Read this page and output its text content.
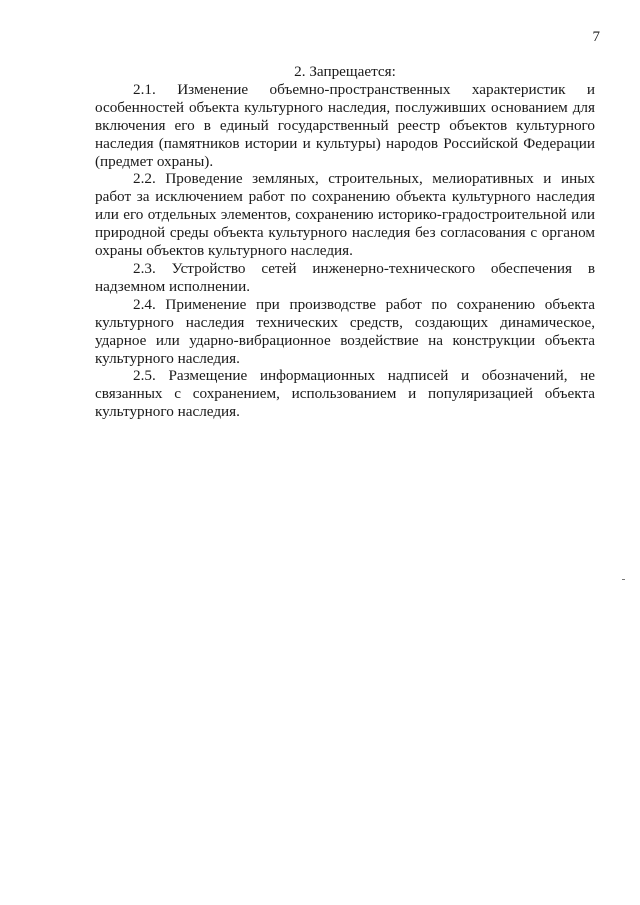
7

2. Запрещается:

2.1. Изменение объемно-пространственных характеристик и особенностей объекта культурного наследия, послуживших основанием для включения его в единый государственный реестр объектов культурного наследия (памятников истории и культуры) народов Российской Федерации (предмет охраны).

2.2. Проведение земляных, строительных, мелиоративных и иных работ за исключением работ по сохранению объекта культурного наследия или его отдельных элементов, сохранению историко-градостроительной или природной среды объекта культурного наследия без согласования с органом охраны объектов культурного наследия.

2.3. Устройство сетей инженерно-технического обеспечения в надземном исполнении.

2.4. Применение при производстве работ по сохранению объекта культурного наследия технических средств, создающих динамическое, ударное или ударно-вибрационное воздействие на конструкции объекта культурного наследия.

2.5. Размещение информационных надписей и обозначений, не связанных с сохранением, использованием и популяризацией объекта культурного наследия.
